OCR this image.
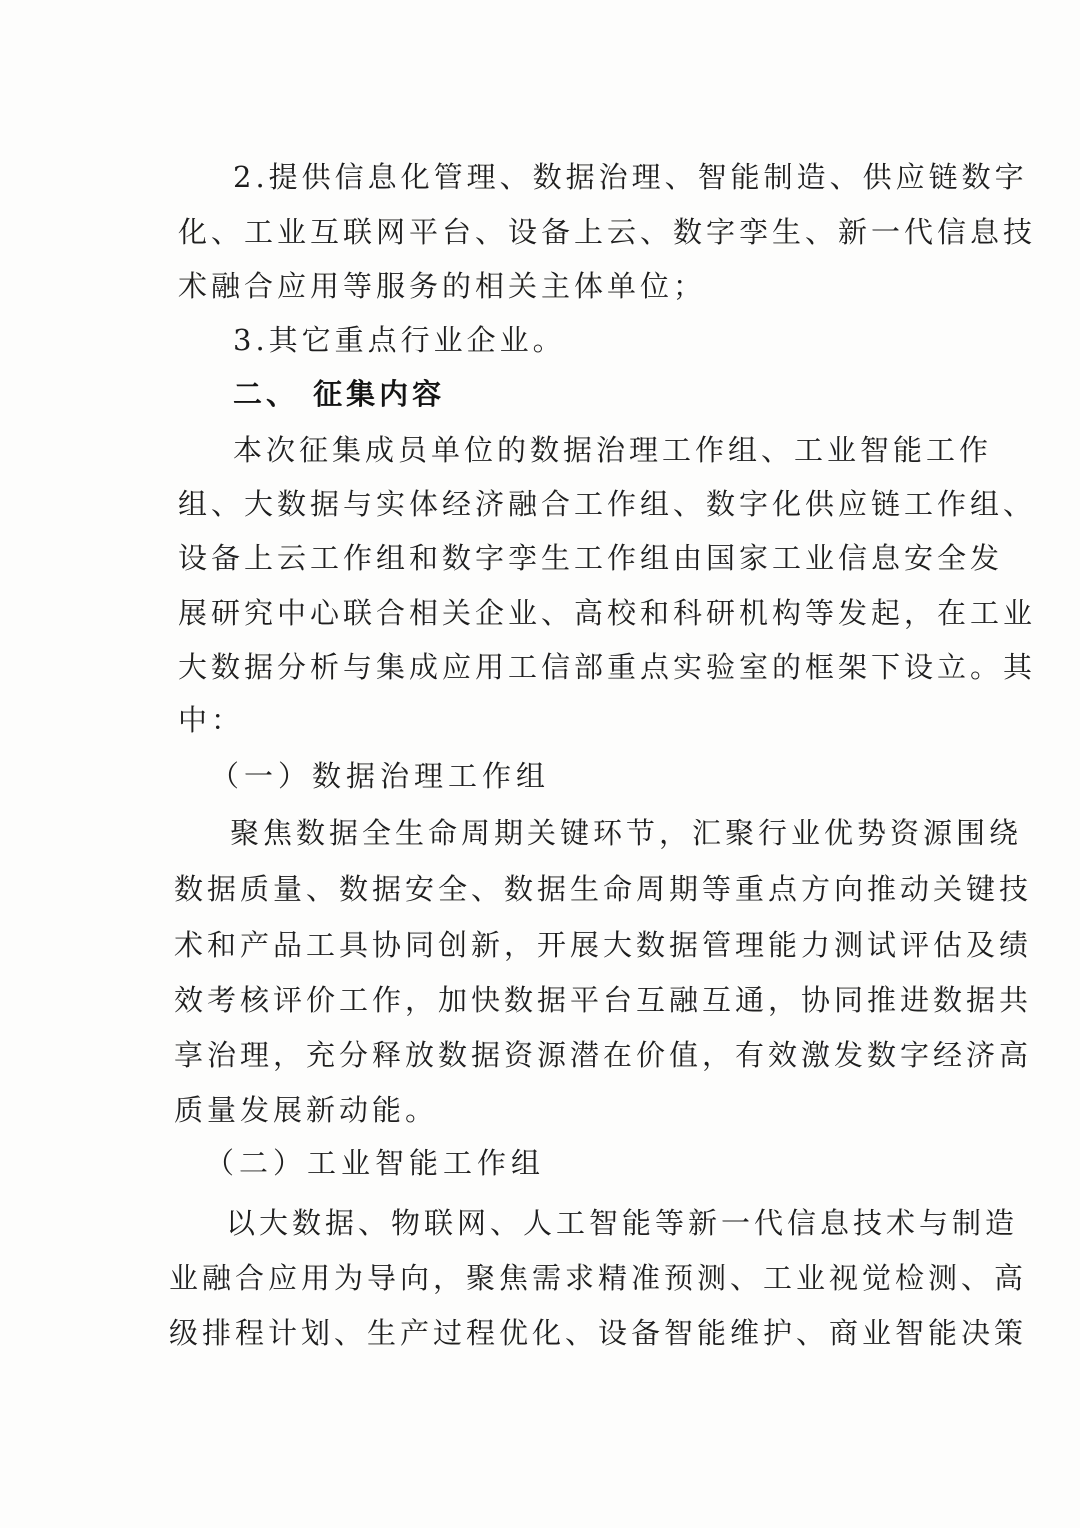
2.提供信息化管理、数据治理、智能制造、供应链数字
化、工业互联网平台、设备上云、数字孪生、新一代信息技
术融合应用等服务的相关主体单位；
3.其它重点行业企业。
二、 征集内容
本次征集成员单位的数据治理工作组、工业智能工作
组、大数据与实体经济融合工作组、数字化供应链工作组、
设备上云工作组和数字孪生工作组由国家工业信息安全发
展研究中心联合相关企业、高校和科研机构等发起，在工业
大数据分析与集成应用工信部重点实验室的框架下设立。其
中：
（一）数据治理工作组
聚焦数据全生命周期关键环节，汇聚行业优势资源围绕
数据质量、数据安全、数据生命周期等重点方向推动关键技
术和产品工具协同创新，开展大数据管理能力测试评估及绩
效考核评价工作，加快数据平台互融互通，协同推进数据共
享治理，充分释放数据资源潜在价值，有效激发数字经济高
质量发展新动能。
（二）工业智能工作组
以大数据、物联网、人工智能等新一代信息技术与制造
业融合应用为导向，聚焦需求精准预测、工业视觉检测、高
级排程计划、生产过程优化、设备智能维护、商业智能决策
